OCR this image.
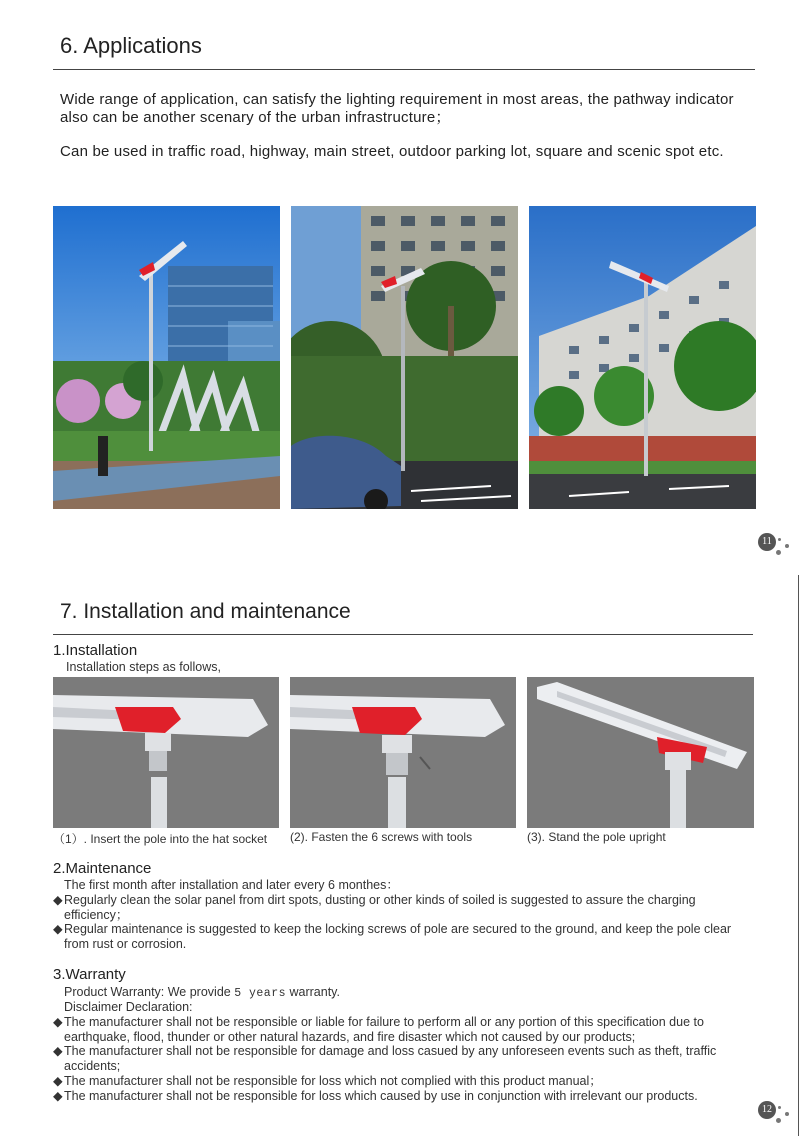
6. Applications
Wide range of application, can satisfy the lighting requirement in most areas, the pathway indicator also can be another scenary of the urban infrastructure；
Can be used in traffic road, highway, main street, outdoor parking lot, square and scenic spot etc.
11
7. Installation and maintenance
1.Installation
Installation steps as follows,
（1）. Insert the pole into the hat socket (2). Fasten the 6 screws with tools	(3). Stand the pole upright
2.Maintenance
The first month after installation and later every 6 monthes：
◆ Regularly clean the solar panel from dirt spots, dusting or other kinds of soiled is suggested to assure the charging efficiency；
◆ Regular maintenance is suggested to keep the locking screws of pole are secured to the ground, and keep the pole clear from rust or corrosion.
3.Warranty
Product Warranty: We provide 5 years warranty.
Disclaimer Declaration:
◆ The manufacturer shall not be responsible or liable for failure to perform all or any portion of this specification due to earthquake, flood, thunder or other natural hazards, and fire disaster which not caused by our products;
◆ The manufacturer shall not be responsible for damage and loss casued by any unforeseen events such as theft, traffic accidents;
◆ The manufacturer shall not be responsible for loss which not complied with this product manual；
◆ The manufacturer shall not be responsible for loss which caused by use in conjunction with irrelevant our products.
12
